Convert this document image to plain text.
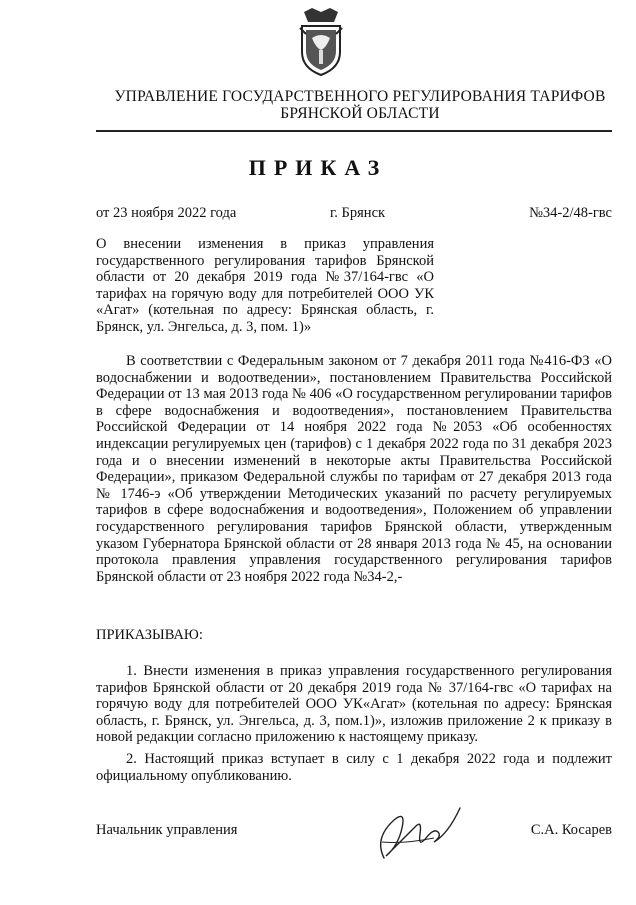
УПРАВЛЕНИЕ ГОСУДАРСТВЕННОГО РЕГУЛИРОВАНИЯ ТАРИФОВ
БРЯНСКОЙ ОБЛАСТИ
ПРИКАЗ
от 23 ноября 2022 года	г. Брянск	№34-2/48-гвс
О внесении изменения в приказ управления государственного регулирования тарифов Брянской области от 20 декабря 2019 года №37/164-гвс «О тарифах на горячую воду для потребителей ООО УК «Агат» (котельная по адресу: Брянская область, г. Брянск, ул. Энгельса, д. 3, пом. 1)»

В соответствии с Федеральным законом от 7 декабря 2011 года №416-ФЗ «О водоснабжении и водоотведении», постановлением Правительства Российской Федерации от 13 мая 2013 года № 406 «О государственном регулировании тарифов в сфере водоснабжения и водоотведения», постановлением Правительства Российской Федерации от 14 ноября 2022 года №2053 «Об особенностях индексации регулируемых цен (тарифов) с 1 декабря 2022 года по 31 декабря 2023 года и о внесении изменений в некоторые акты Правительства Российской Федерации», приказом Федеральной службы по тарифам от 27 декабря 2013 года № 1746-э «Об утверждении Методических указаний по расчету регулируемых тарифов в сфере водоснабжения и водоотведения», Положением об управлении государственного регулирования тарифов Брянской области, утвержденным указом Губернатора Брянской области от 28 января 2013 года № 45, на основании протокола правления управления государственного регулирования тарифов Брянской области от 23 ноября 2022 года №34-2,-

ПРИКАЗЫВАЮ:

1. Внести изменения в приказ управления государственного регулирования тарифов Брянской области от 20 декабря 2019 года № 37/164-гвс «О тарифах на горячую воду для потребителей ООО УК«Агат» (котельная по адресу: Брянская область, г. Брянск, ул. Энгельса, д. 3, пом.1)», изложив приложение 2 к приказу в новой редакции согласно приложению к настоящему приказу.

2. Настоящий приказ вступает в силу с 1 декабря 2022 года и подлежит официальному опубликованию.

Начальник управления	С.А. Косарев
